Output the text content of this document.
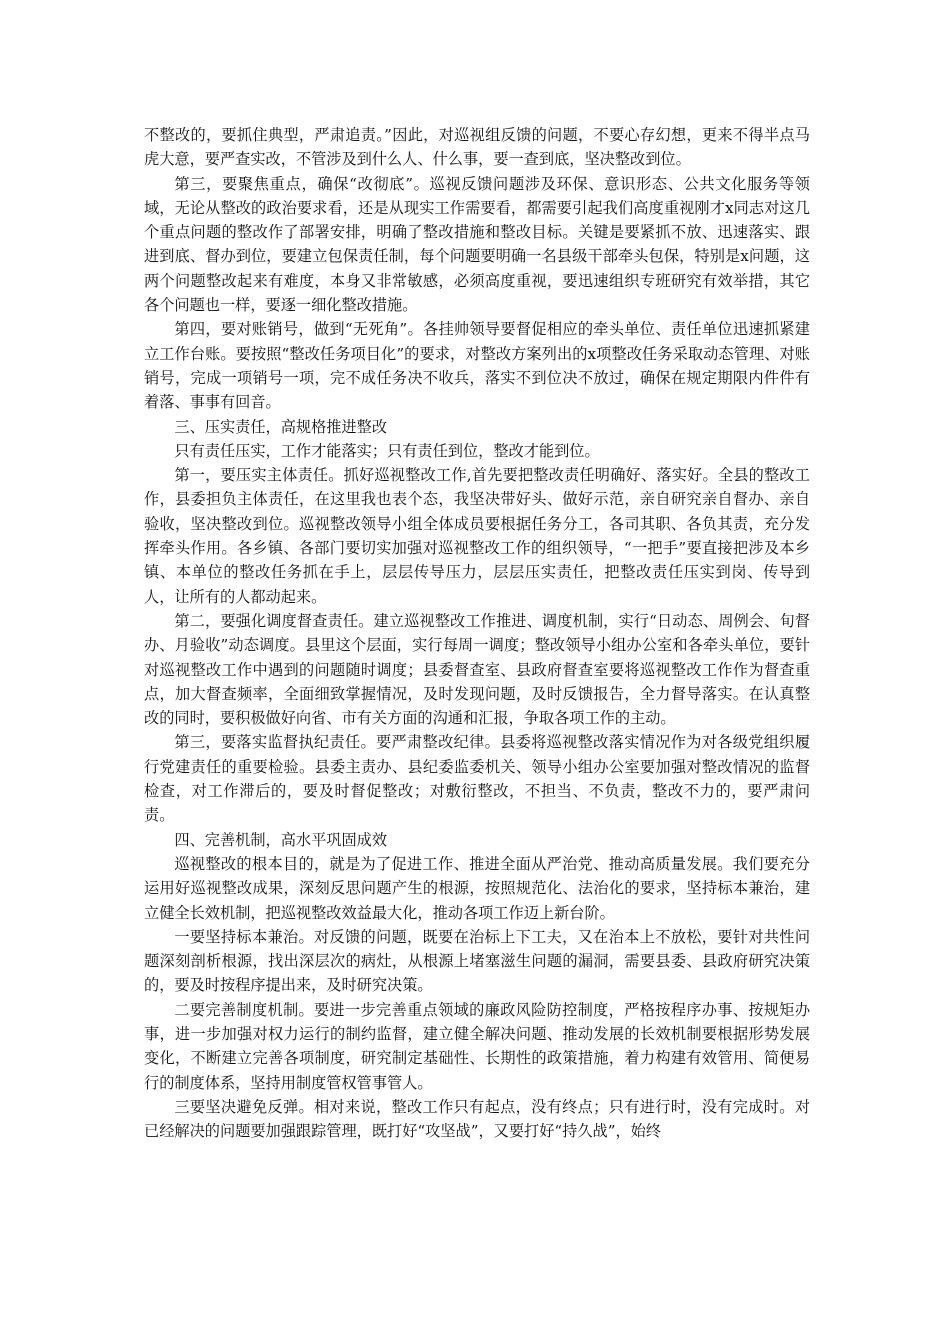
不整改的，要抓住典型，严肃追责。”因此，对巡视组反馈的问题，不要心存幻想，更来不得半点马虎大意，要严查实改，不管涉及到什么人、什么事，要一查到底，坚决整改到位。

第三，要聚焦重点，确保“改彻底”。巡视反馈问题涉及环保、意识形态、公共文化服务等领域，无论从整改的政治要求看，还是从现实工作需要看，都需要引起我们高度重视刚才x同志对这几个重点问题的整改作了部署安排，明确了整改措施和整改目标。关键是要紧抓不放、迅速落实、跟进到底、督办到位，要建立包保责任制，每个问题要明确一名县级干部牵头包保，特别是x问题，这两个问题整改起来有难度，本身又非常敏感，必须高度重视，要迅速组织专班研究有效举措，其它各个问题也一样，要逐一细化整改措施。

第四，要对账销号，做到“无死角”。各挂帅领导要督促相应的牵头单位、责任单位迅速抓紧建立工作台账。要按照“整改任务项目化”的要求，对整改方案列出的x项整改任务采取动态管理、对账销号，完成一项销号一项，完不成任务决不收兵，落实不到位决不放过，确保在规定期限内件件有着落、事事有回音。

三、压实责任，高规格推进整改

只有责任压实，工作才能落实；只有责任到位，整改才能到位。

第一，要压实主体责任。抓好巡视整改工作,首先要把整改责任明确好、落实好。全县的整改工作，县委担负主体责任，在这里我也表个态，我坚决带好头、做好示范，亲自研究亲自督办、亲自验收，坚决整改到位。巡视整改领导小组全体成员要根据任务分工，各司其职、各负其责，充分发挥牵头作用。各乡镇、各部门要切实加强对巡视整改工作的组织领导，“一把手”要直接把涉及本乡镇、本单位的整改任务抓在手上，层层传导压力，层层压实责任，把整改责任压实到岗、传导到人，让所有的人都动起来。

第二，要强化调度督查责任。建立巡视整改工作推进、调度机制，实行“日动态、周例会、旬督办、月验收”动态调度。县里这个层面，实行每周一调度；整改领导小组办公室和各牵头单位，要针对巡视整改工作中遇到的问题随时调度；县委督查室、县政府督查室要将巡视整改工作作为督查重点，加大督查频率，全面细致掌握情况，及时发现问题，及时反馈报告，全力督导落实。在认真整改的同时，要积极做好向省、市有关方面的沟通和汇报，争取各项工作的主动。

第三，要落实监督执纪责任。要严肃整改纪律。县委将巡视整改落实情况作为对各级党组织履行党建责任的重要检验。县委主责办、县纪委监委机关、领导小组办公室要加强对整改情况的监督检查，对工作滞后的，要及时督促整改；对敷衍整改，不担当、不负责，整改不力的，要严肃问责。

四、完善机制，高水平巩固成效

巡视整改的根本目的，就是为了促进工作、推进全面从严治党、推动高质量发展。我们要充分运用好巡视整改成果，深刻反思问题产生的根源，按照规范化、法治化的要求，坚持标本兼治，建立健全长效机制，把巡视整改效益最大化，推动各项工作迈上新台阶。

一要坚持标本兼治。对反馈的问题，既要在治标上下工夫，又在治本上不放松，要针对共性问题深刻剖析根源，找出深层次的病灶，从根源上堵塞滋生问题的漏洞，需要县委、县政府研究决策的，要及时按程序提出来，及时研究决策。

二要完善制度机制。要进一步完善重点领域的廉政风险防控制度，严格按程序办事、按规矩办事，进一步加强对权力运行的制约监督，建立健全解决问题、推动发展的长效机制要根据形势发展变化，不断建立完善各项制度，研究制定基础性、长期性的政策措施，着力构建有效管用、简便易行的制度体系，坚持用制度管权管事管人。

三要坚决避免反弹。相对来说，整改工作只有起点，没有终点；只有进行时，没有完成时。对已经解决的问题要加强跟踪管理，既打好“攻坚战”，又要打好“持久战”，始终
